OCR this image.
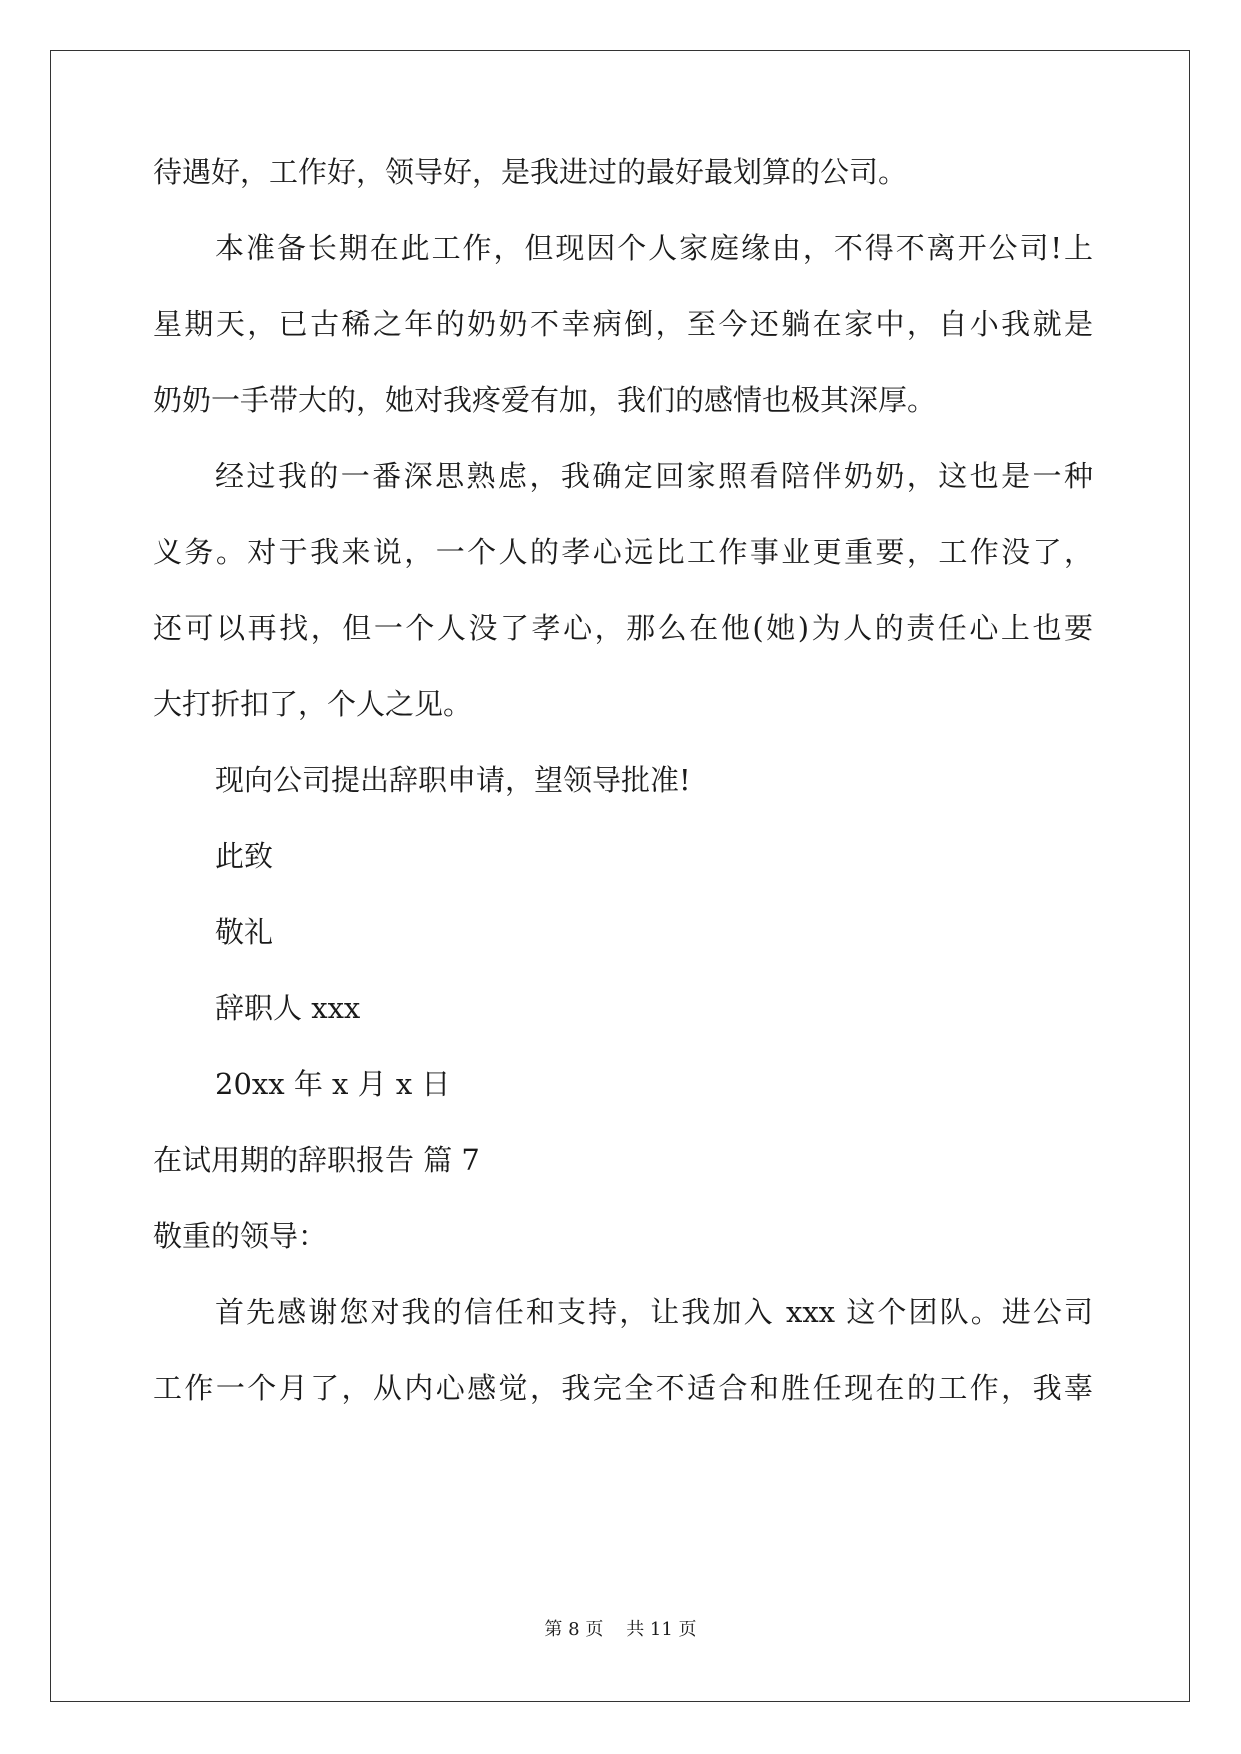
待遇好，工作好，领导好，是我进过的最好最划算的公司。
本准备长期在此工作，但现因个人家庭缘由，不得不离开公司!上
星期天，已古稀之年的奶奶不幸病倒，至今还躺在家中，自小我就是
奶奶一手带大的，她对我疼爱有加，我们的感情也极其深厚。
经过我的一番深思熟虑，我确定回家照看陪伴奶奶，这也是一种
义务。对于我来说，一个人的孝心远比工作事业更重要，工作没了，
还可以再找，但一个人没了孝心，那么在他(她)为人的责任心上也要
大打折扣了，个人之见。
现向公司提出辞职申请，望领导批准!
此致
敬礼
辞职人 xxx
20xx 年 x 月 x 日
在试用期的辞职报告 篇 7
敬重的领导：
首先感谢您对我的信任和支持，让我加入 xxx 这个团队。进公司
工作一个月了，从内心感觉，我完全不适合和胜任现在的工作，我辜
第 8 页    共 11 页
